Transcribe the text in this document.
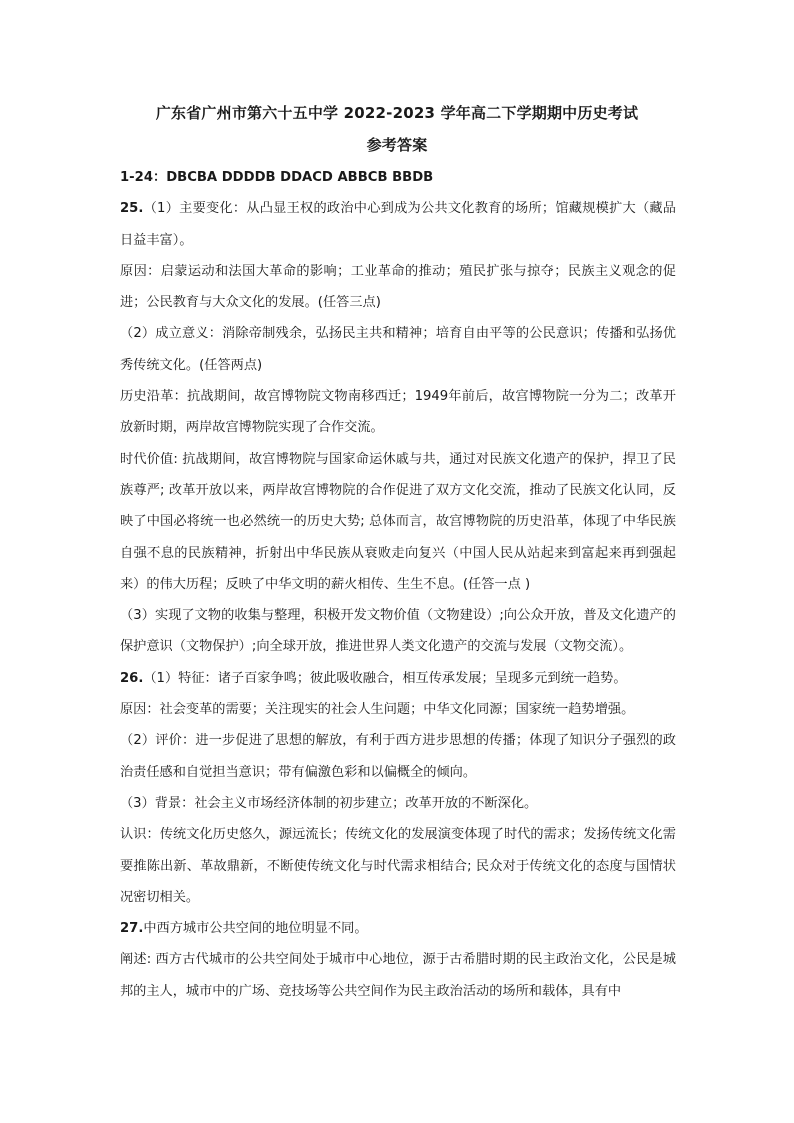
广东省广州市第六十五中学 2022-2023 学年高二下学期期中历史考试
参考答案

1-24：DBCBA DDDDB DDACD ABBCB BBDB

25.（1）主要变化：从凸显王权的政治中心到成为公共文化教育的场所；馆藏规模扩大（藏品日益丰富）。

原因：启蒙运动和法国大革命的影响；工业革命的推动；殖民扩张与掠夺；民族主义观念的促进；公民教育与大众文化的发展。(任答三点)

（2）成立意义：消除帝制残余，弘扬民主共和精神；培育自由平等的公民意识；传播和弘扬优秀传统文化。(任答两点)

历史沿革：抗战期间，故宫博物院文物南移西迁；1949年前后，故宫博物院一分为二；改革开放新时期，两岸故宫博物院实现了合作交流。

时代价值: 抗战期间，故宫博物院与国家命运休戚与共，通过对民族文化遗产的保护，捍卫了民族尊严; 改革开放以来，两岸故宫博物院的合作促进了双方文化交流，推动了民族文化认同，反映了中国必将统一也必然统一的历史大势; 总体而言，故宫博物院的历史沿革，体现了中华民族自强不息的民族精神，折射出中华民族从衰败走向复兴（中国人民从站起来到富起来再到强起来）的伟大历程；反映了中华文明的薪火相传、生生不息。(任答一点 )

（3）实现了文物的收集与整理，积极开发文物价值（文物建设）;向公众开放，普及文化遗产的保护意识（文物保护）;向全球开放，推进世界人类文化遗产的交流与发展（文物交流）。

26.（1）特征：诸子百家争鸣；彼此吸收融合，相互传承发展；呈现多元到统一趋势。

原因：社会变革的需要；关注现实的社会人生问题；中华文化同源；国家统一趋势增强。

（2）评价：进一步促进了思想的解放，有利于西方进步思想的传播；体现了知识分子强烈的政治责任感和自觉担当意识；带有偏激色彩和以偏概全的倾向。

（3）背景：社会主义市场经济体制的初步建立；改革开放的不断深化。

认识：传统文化历史悠久，源远流长；传统文化的发展演变体现了时代的需求；发扬传统文化需要推陈出新、革故鼎新，不断使传统文化与时代需求相结合; 民众对于传统文化的态度与国情状况密切相关。

27.中西方城市公共空间的地位明显不同。

阐述: 西方古代城市的公共空间处于城市中心地位，源于古希腊时期的民主政治文化，公民是城邦的主人，城市中的广场、竞技场等公共空间作为民主政治活动的场所和载体，具有中
